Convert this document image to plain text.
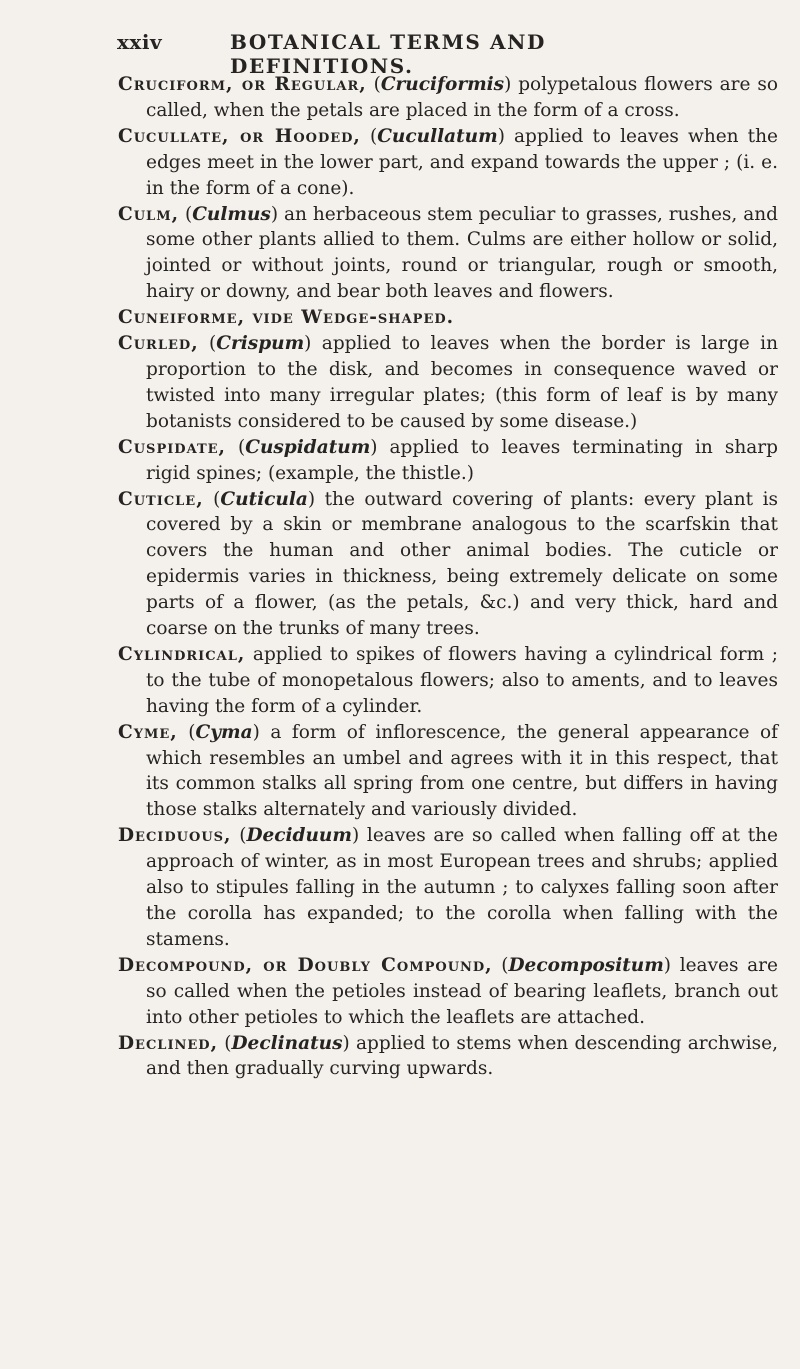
xxiv	BOTANICAL TERMS AND DEFINITIONS.

Cruciform, or Regular, (Cruciformis) polypetalous flowers are so called, when the petals are placed in the form of a cross.

Cucullate, or Hooded, (Cucullatum) applied to leaves when the edges meet in the lower part, and expand towards the upper ; (i. e. in the form of a cone).

Culm, (Culmus) an herbaceous stem peculiar to grasses, rushes, and some other plants allied to them. Culms are either hollow or solid, jointed or without joints, round or triangular, rough or smooth, hairy or downy, and bear both leaves and flowers.

Cuneiforme, vide Wedge-shaped.

Curled, (Crispum) applied to leaves when the border is large in proportion to the disk, and becomes in consequence waved or twisted into many irregular plates; (this form of leaf is by many botanists considered to be caused by some disease.)

Cuspidate, (Cuspidatum) applied to leaves terminating in sharp rigid spines; (example, the thistle.)

Cuticle, (Cuticula) the outward covering of plants: every plant is covered by a skin or membrane analogous to the scarfskin that covers the human and other animal bodies. The cuticle or epidermis varies in thickness, being extremely delicate on some parts of a flower, (as the petals, &c.) and very thick, hard and coarse on the trunks of many trees.

Cylindrical, applied to spikes of flowers having a cylindrical form ; to the tube of monopetalous flowers; also to aments, and to leaves having the form of a cylinder.

Cyme, (Cyma) a form of inflorescence, the general appearance of which resembles an umbel and agrees with it in this respect, that its common stalks all spring from one centre, but differs in having those stalks alternately and variously divided.

Deciduous, (Deciduum) leaves are so called when falling off at the approach of winter, as in most European trees and shrubs; applied also to stipules falling in the autumn ; to calyxes falling soon after the corolla has expanded; to the corolla when falling with the stamens.

Decompound, or Doubly Compound, (Decompositum) leaves are so called when the petioles instead of bearing leaflets, branch out into other petioles to which the leaflets are attached.

Declined, (Declinatus) applied to stems when descending archwise, and then gradually curving upwards.
